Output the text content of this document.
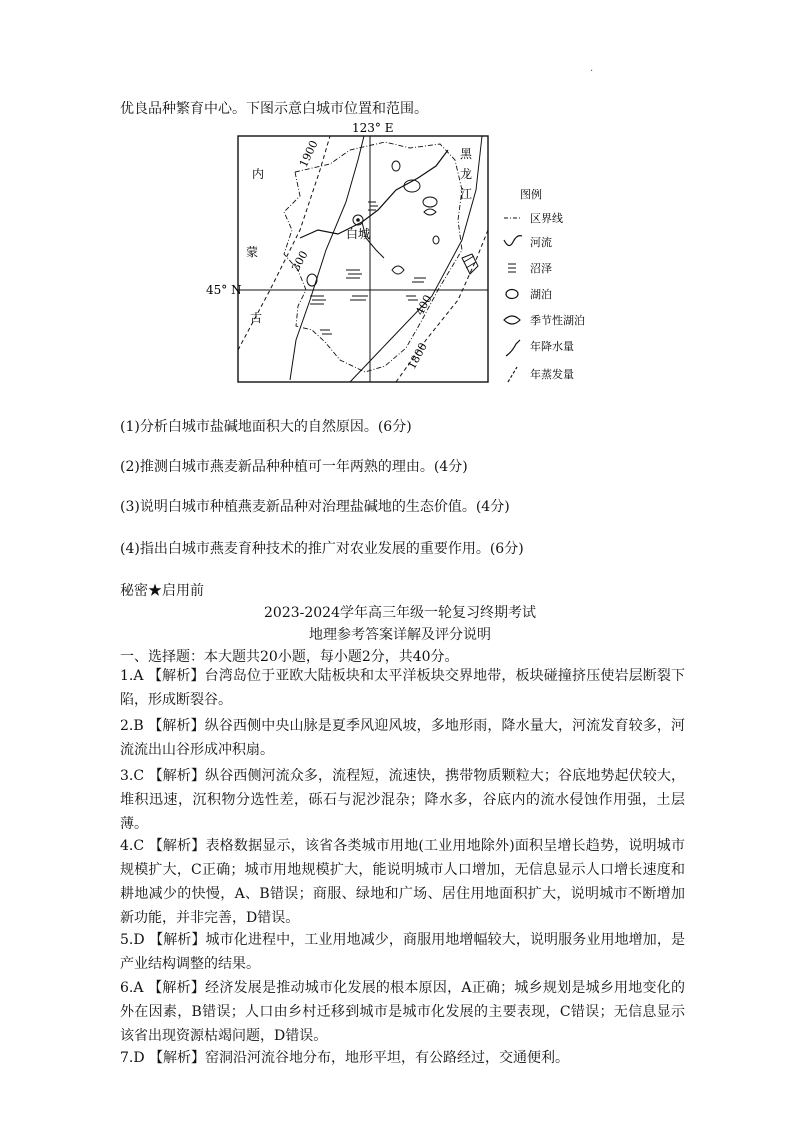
·
优良品种繁育中心。下图示意白城市位置和范围。
123° E
45° N
1900
300
400
1800
白城
内
蒙
古
黑
龙
江	图例
区界线
河流
沼泽
湖泊
季节性湖泊
年降水量
年蒸发量
(1)分析白城市盐碱地面积大的自然原因。(6分)
(2)推测白城市燕麦新品种种植可一年两熟的理由。(4分)
(3)说明白城市种植燕麦新品种对治理盐碱地的生态价值。(4分)
(4)指出白城市燕麦育种技术的推广对农业发展的重要作用。(6分)
秘密★启用前
2023-2024学年高三年级一轮复习终期考试
地理参考答案详解及评分说明
一、选择题：本大题共20小题，每小题2分，共40分。
1.A 【解析】台湾岛位于亚欧大陆板块和太平洋板块交界地带，板块碰撞挤压使岩层断裂下陷，形成断裂谷。
2.B 【解析】纵谷西侧中央山脉是夏季风迎风坡，多地形雨，降水量大，河流发育较多，河流流出山谷形成冲积扇。
3.C 【解析】纵谷西侧河流众多，流程短，流速快，携带物质颗粒大；谷底地势起伏较大，堆积迅速，沉积物分选性差，砾石与泥沙混杂；降水多，谷底内的流水侵蚀作用强，土层薄。
4.C 【解析】表格数据显示，该省各类城市用地(工业用地除外)面积呈增长趋势，说明城市规模扩大，C正确；城市用地规模扩大，能说明城市人口增加，无信息显示人口增长速度和耕地减少的快慢，A、B错误；商服、绿地和广场、居住用地面积扩大，说明城市不断增加新功能，并非完善，D错误。
5.D 【解析】城市化进程中，工业用地减少，商服用地增幅较大，说明服务业用地增加，是产业结构调整的结果。
6.A 【解析】经济发展是推动城市化发展的根本原因，A正确；城乡规划是城乡用地变化的外在因素，B错误；人口由乡村迁移到城市是城市化发展的主要表现，C错误；无信息显示该省出现资源枯竭问题，D错误。
7.D 【解析】窑洞沿河流谷地分布，地形平坦，有公路经过，交通便利。
